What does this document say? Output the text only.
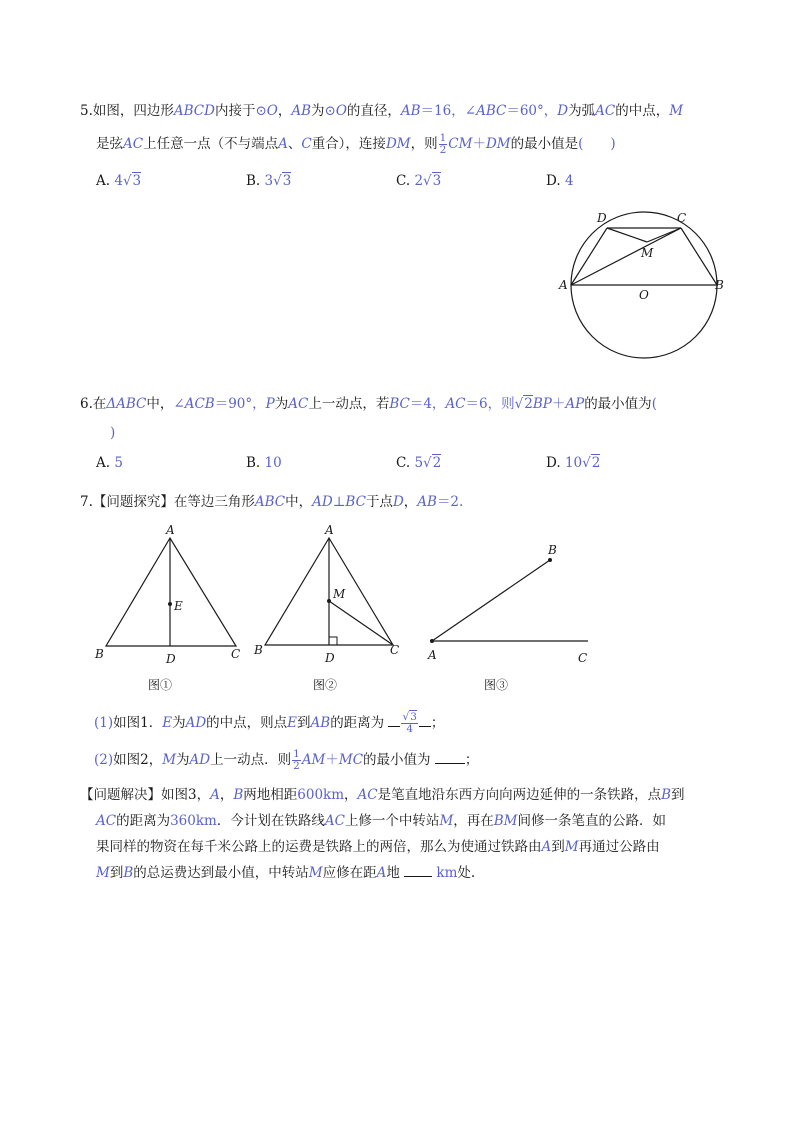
5.如图，四边形ABCD内接于⊙O，AB为⊙O的直径，AB＝16，∠ABC＝60°，D为弧AC的中点，M
是弦AC上任意一点（不与端点A、C重合），连接DM，则 $\frac{1}{2} CM+DM$的最小值是(　　)
A. 4√3	B. 3√3	C. 2√3	D. 4
D	C
M
A
O
B
6.在ΔABC中，∠ACB＝90°，P为AC上一动点，若BC＝4，AC＝6，则√2BP＋AP的最小值为(
)
A. 5	B. 10	C. 5√2	D. 10√2
7.【问题探究】在等边三角形ABC中，AD⊥BC于点D，AB＝2.
A
E
B	D	C
图①
A
M
B
D
C
图②
B
A	C
图③
(1)如图1．E为AD的中点，则点E到AB的距离为 $\frac{√3}{4}$ ；
(2)如图2，M为AD上一动点．则 $\frac{1}{2} AM+MC$的最小值为	；
【问题解决】如图3，A，B两地相距600km，AC是笔直地沿东西方向向两边延伸的一条铁路，点B到
AC的距离为360km．今计划在铁路线AC上修一个中转站M，再在BM间修一条笔直的公路．如
果同样的物资在每千米公路上的运费是铁路上的两倍，那么为使通过铁路由A到M再通过公路由
M到B的总运费达到最小值，中转站M应修在距A地	km处.
